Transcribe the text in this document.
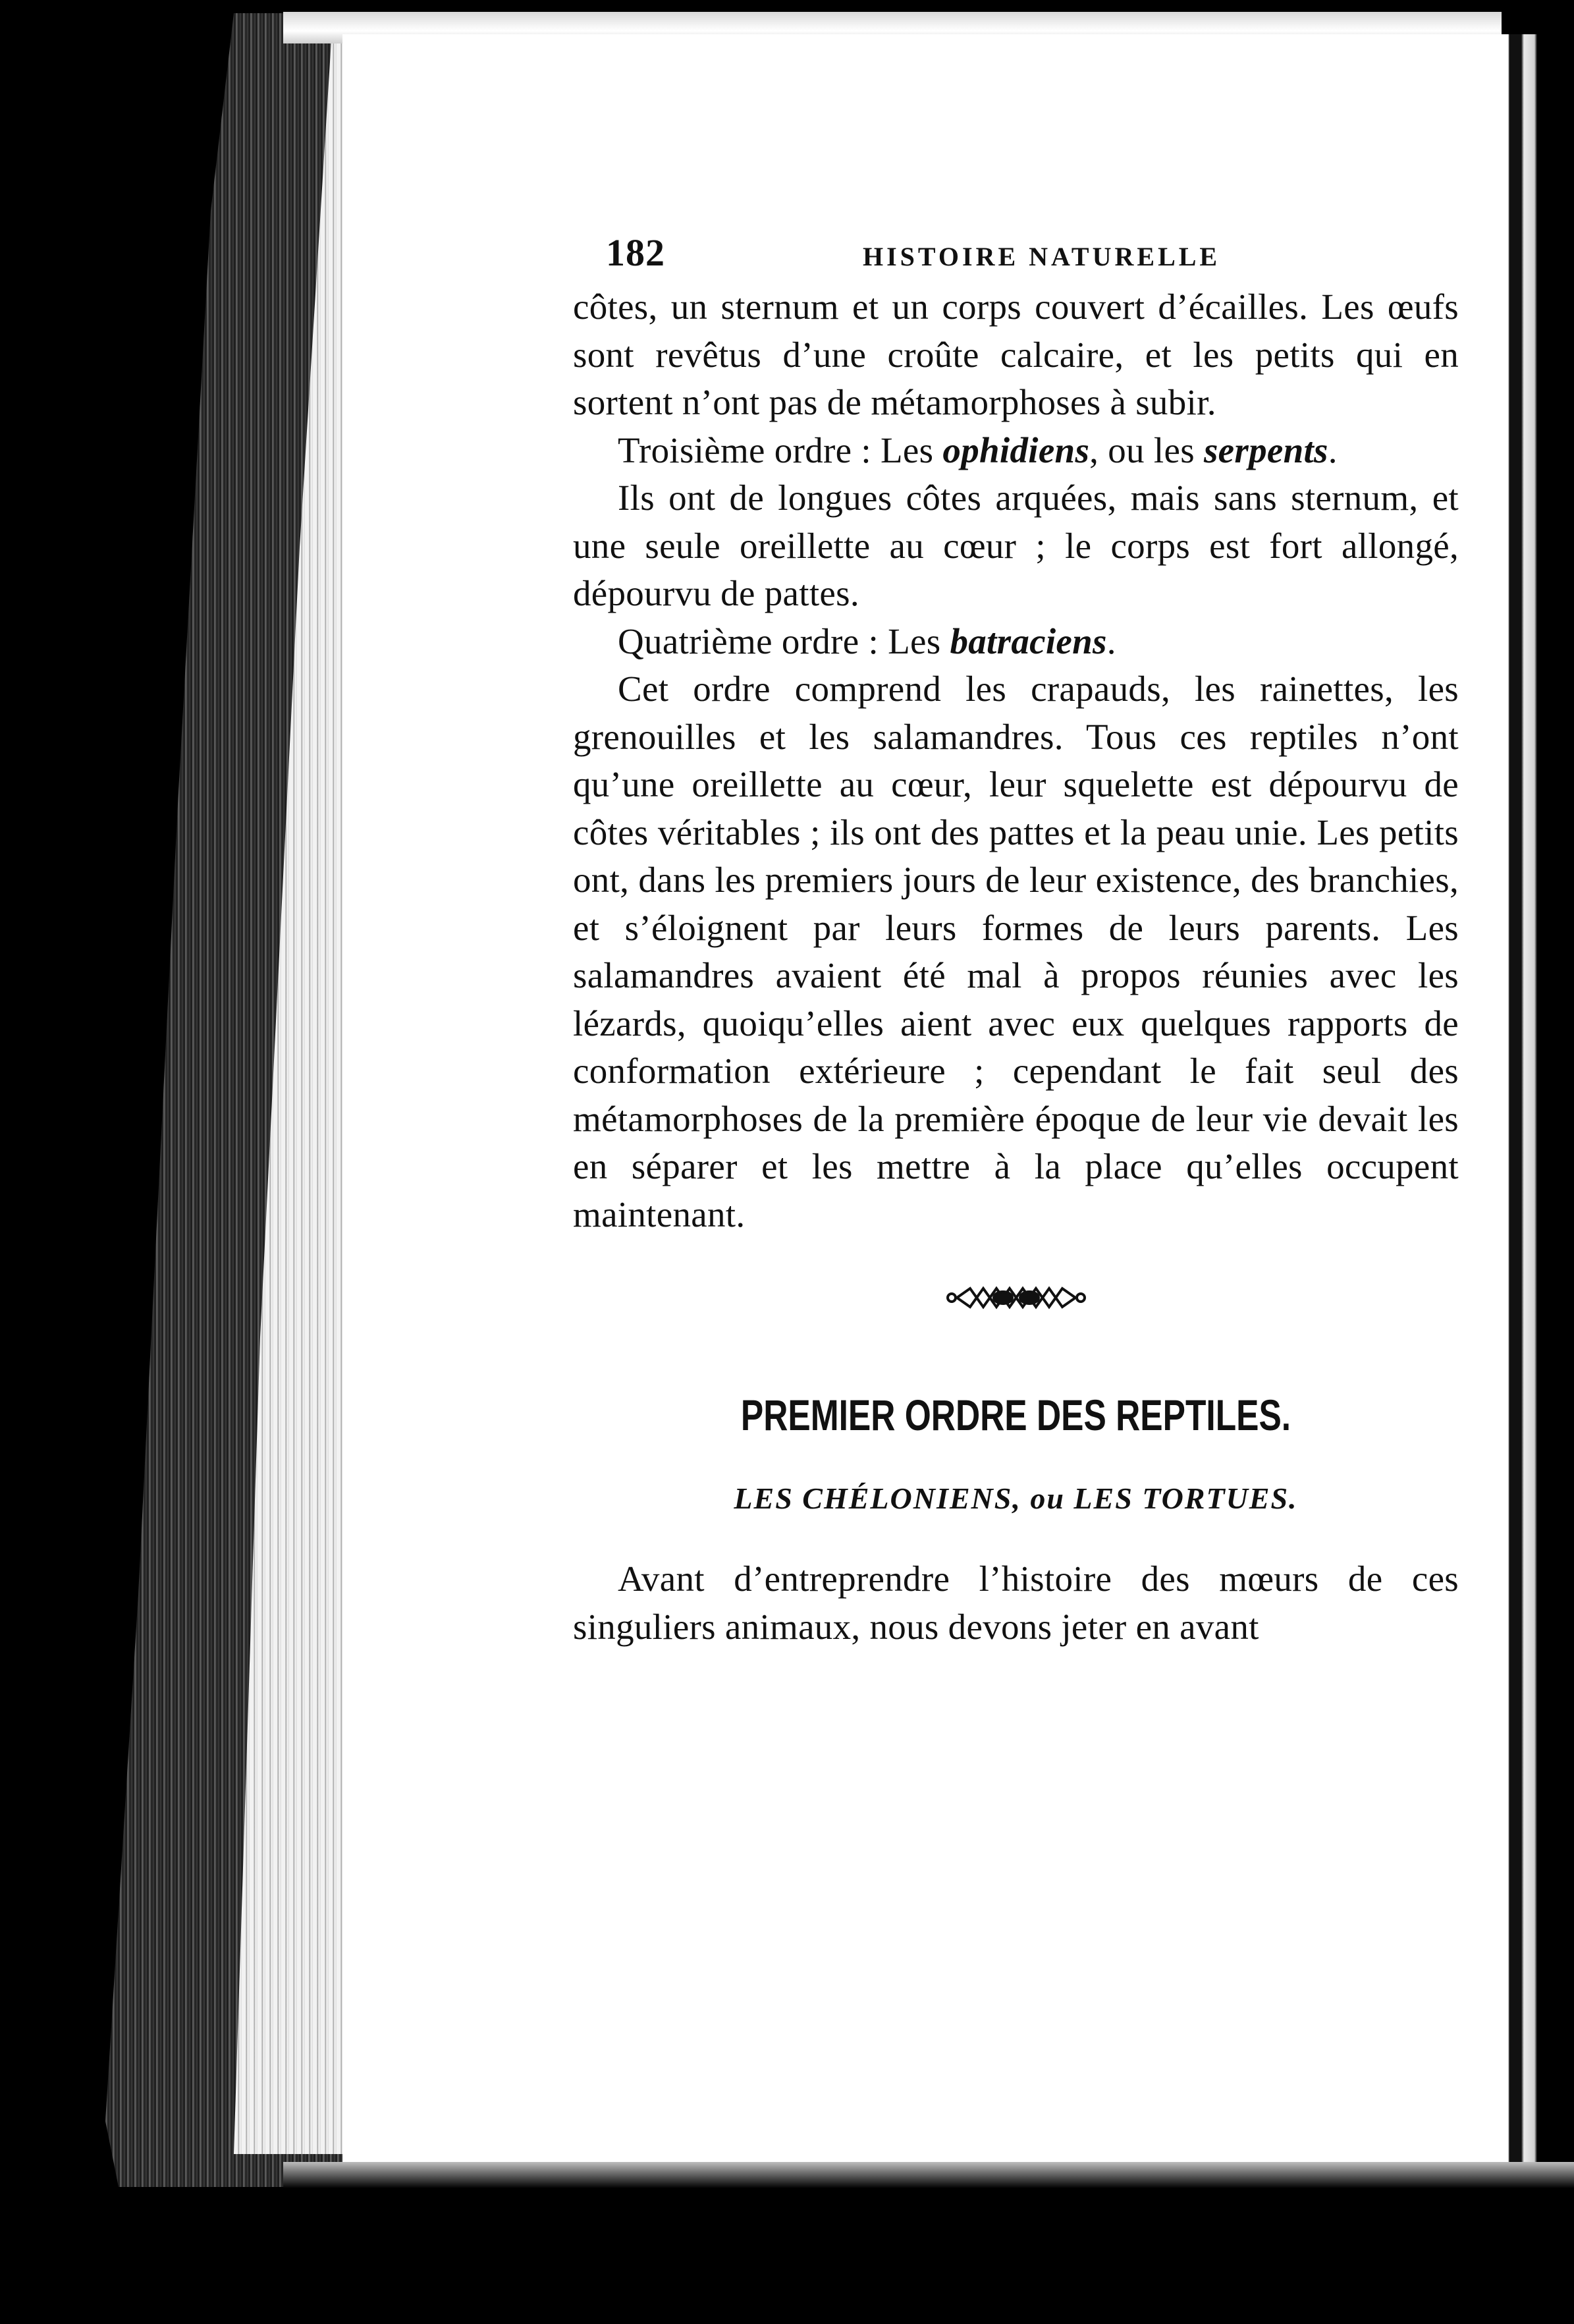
182	HISTOIRE NATURELLE

côtes, un sternum et un corps couvert d’écailles. Les œufs sont revêtus d’une croûte calcaire, et les petits qui en sortent n’ont pas de métamorphoses à subir.

Troisième ordre : Les ophidiens, ou les serpents.

Ils ont de longues côtes arquées, mais sans sternum, et une seule oreillette au cœur ; le corps est fort allongé, dépourvu de pattes.

Quatrième ordre : Les batraciens.

Cet ordre comprend les crapauds, les rainettes, les grenouilles et les salamandres. Tous ces reptiles n’ont qu’une oreillette au cœur, leur squelette est dépourvu de côtes véritables ; ils ont des pattes et la peau unie. Les petits ont, dans les premiers jours de leur existence, des branchies, et s’éloignent par leurs formes de leurs parents. Les salamandres avaient été mal à propos réunies avec les lézards, quoiqu’elles aient avec eux quelques rapports de conformation extérieure ; cependant le fait seul des métamorphoses de la première époque de leur vie devait les en séparer et les mettre à la place qu’elles occupent maintenant.

PREMIER ORDRE DES REPTILES.
LES CHÉLONIENS, ou LES TORTUES.

Avant d’entreprendre l’histoire des mœurs de ces singuliers animaux, nous devons jeter en avant
